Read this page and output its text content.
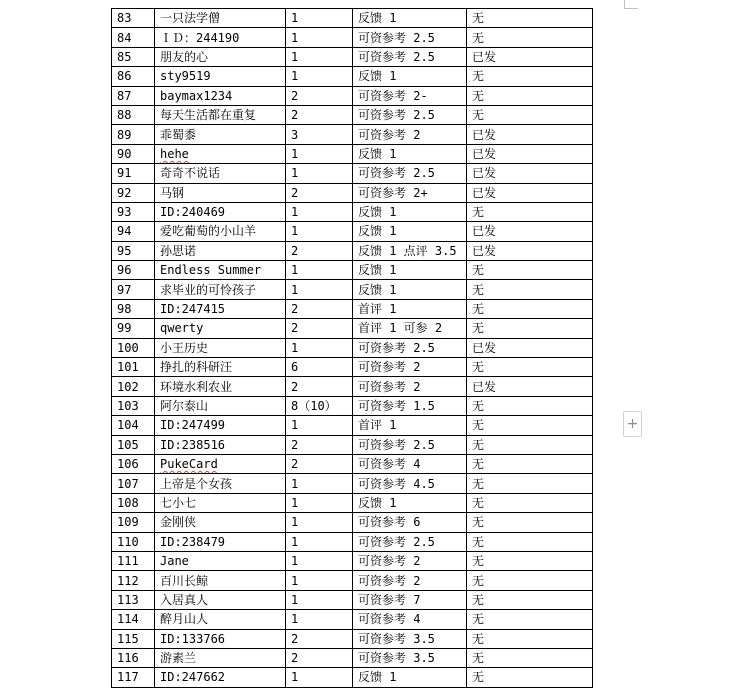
83	一只法学僧	1	反馈 1	无
84	ＩＤ：244190	1	可资参考 2.5	无
85	朋友的心	1	可资参考 2.5	已发
86	sty9519	1	反馈 1	无
87	baymax1234	2	可资参考 2-	无
88	每天生活都在重复	2	可资参考 2.5	无
89	乖蜀黍	3	可资参考 2	已发
90	hehe	1	反馈 1	已发
91	奇奇不说话	1	可资参考 2.5	已发
92	马钢	2	可资参考 2+	已发
93	ID:240469	1	反馈 1	无
94	爱吃葡萄的小山羊	1	反馈 1	已发
95	孙思诺	2	反馈 1 点评 3.5	已发
96	Endless Summer	1	反馈 1	无
97	求毕业的可怜孩子	1	反馈 1	无
98	ID:247415	2	首评 1	无
99	qwerty	2	首评 1 可参 2	无
100	小王历史	1	可资参考 2.5	已发
101	挣扎的科研汪	6	可资参考 2	无
102	环境水利农业	2	可资参考 2	已发
103	阿尔泰山	8（10）	可资参考 1.5	无
104	ID:247499	1	首评 1	无
105	ID:238516	2	可资参考 2.5	无
106	PukeCard	2	可资参考 4	无
107	上帝是个女孩	1	可资参考 4.5	无
108	七小七	1	反馈 1	无
109	金刚侠	1	可资参考 6	无
110	ID:238479	1	可资参考 2.5	无
111	Jane	1	可资参考 2	无
112	百川长鲸	1	可资参考 2	无
113	入居真人	1	可资参考 7	无
114	醉月山人	1	可资参考 4	无
115	ID:133766	2	可资参考 3.5	无
116	游素兰	2	可资参考 3.5	无
117	ID:247662	1	反馈 1	无
+
